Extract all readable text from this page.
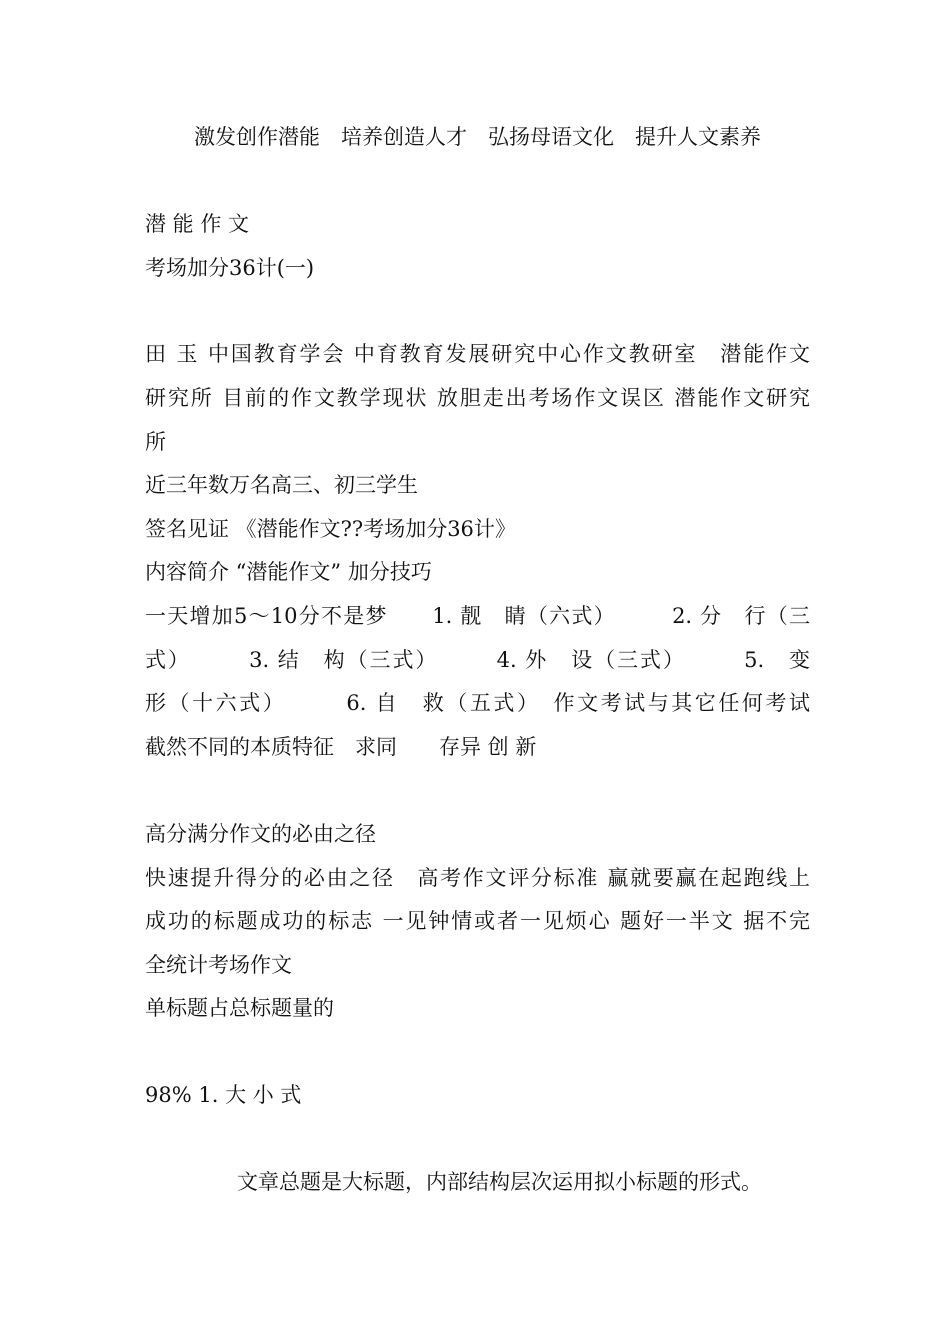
激发创作潜能　培养创造人才　弘扬母语文化　提升人文素养
潜 能 作 文
考场加分36计(一)
田 玉 中国教育学会 中育教育发展研究中心作文教研室　潜能作文
研究所 目前的作文教学现状 放胆走出考场作文误区 潜能作文研究
所
近三年数万名高三、初三学生
签名见证 《潜能作文??考场加分36计》
内容简介 “潜能作文” 加分技巧
一天增加5～10分不是梦　　1. 靓　睛（六式）　　　2. 分　行（三
式）　　　3. 结　构（三式）　　　4. 外　设（三式）　　　5.　变
形（十六式）　　　6. 自　救（五式）　作文考试与其它任何考试
截然不同的本质特征　求同　　存异 创 新
高分满分作文的必由之径
快速提升得分的必由之径　高考作文评分标准 赢就要赢在起跑线上
成功的标题成功的标志 一见钟情或者一见烦心 题好一半文 据不完
全统计考场作文
单标题占总标题量的
98% 1. 大 小 式
文章总题是大标题，内部结构层次运用拟小标题的形式。
